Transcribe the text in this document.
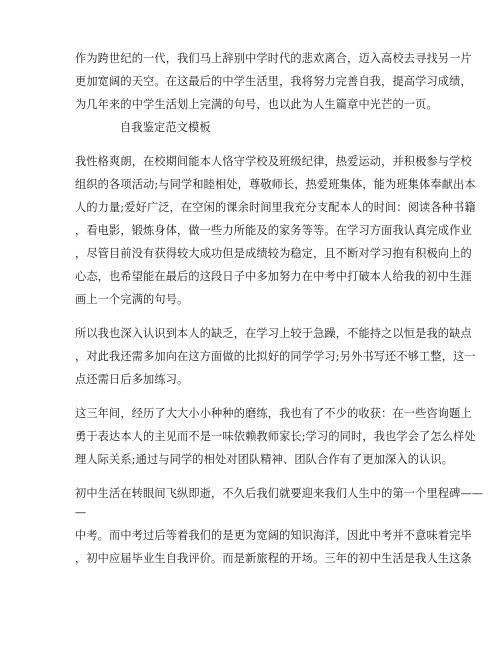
作为跨世纪的一代，我们马上辞别中学时代的悲欢离合，迈入高校去寻找另一片
更加宽阔的天空。在这最后的中学生活里，我将努力完善自我，提高学习成绩，
为几年来的中学生活划上完满的句号，也以此为人生篇章中光芒的一页。
自我鉴定范文模板
我性格爽朗，在校期间能本人恪守学校及班级纪律，热爱运动，并积极参与学校
组织的各项活动;与同学和睦相处，尊敬师长，热爱班集体，能为班集体奉献出本
人的力量;爱好广泛，在空闲的课余时间里我充分支配本人的时间：阅读各种书籍
，看电影，锻炼身体，做一些力所能及的家务等等。在学习方面我认真完成作业
，尽管目前没有获得较大成功但是成绩较为稳定，且不断对学习抱有积极向上的
心态，也希望能在最后的这段日子中多加努力在中考中打破本人给我的初中生涯
画上一个完满的句号。
所以我也深入认识到本人的缺乏，在学习上较于急躁，不能持之以恒是我的缺点
，对此我还需多加向在这方面做的比拟好的同学学习;另外书写还不够工整，这一
点还需日后多加练习。
这三年间，经历了大大小小种种的磨练，我也有了不少的收获：在一些咨询题上
勇于表达本人的主见而不是一味依赖教师家长;学习的同时，我也学会了怎么样处
理人际关系;通过与同学的相处对团队精神、团队合作有了更加深入的认识。
初中生活在转眼间飞纵即逝，不久后我们就要迎来我们人生中的第一个里程碑——
—
中考。而中考过后等着我们的是更为宽阔的知识海洋，因此中考并不意味着完毕
，初中应届毕业生自我评价。而是新旅程的开场。三年的初中生活是我人生这条
